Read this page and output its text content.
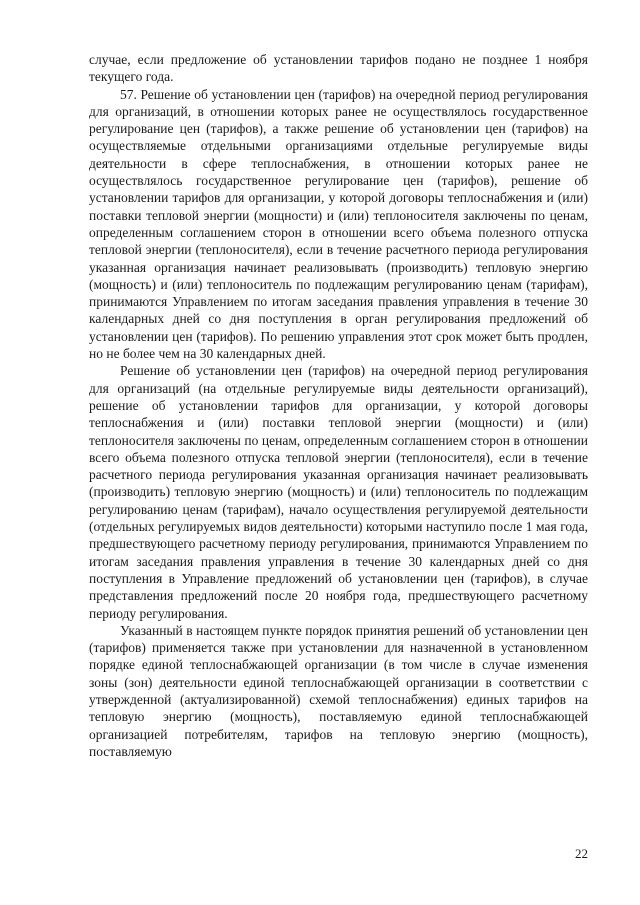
случае, если предложение об установлении тарифов подано не позднее 1 ноября текущего года.

57. Решение об установлении цен (тарифов) на очередной период регулирования для организаций, в отношении которых ранее не осуществлялось государственное регулирование цен (тарифов), а также решение об установлении цен (тарифов) на осуществляемые отдельными организациями отдельные регулируемые виды деятельности в сфере теплоснабжения, в отношении которых ранее не осуществлялось государственное регулирование цен (тарифов), решение об установлении тарифов для организации, у которой договоры теплоснабжения и (или) поставки тепловой энергии (мощности) и (или) теплоносителя заключены по ценам, определенным соглашением сторон в отношении всего объема полезного отпуска тепловой энергии (теплоносителя), если в течение расчетного периода регулирования указанная организация начинает реализовывать (производить) тепловую энергию (мощность) и (или) теплоноситель по подлежащим регулированию ценам (тарифам), принимаются Управлением по итогам заседания правления управления в течение 30 календарных дней со дня поступления в орган регулирования предложений об установлении цен (тарифов). По решению управления этот срок может быть продлен, но не более чем на 30 календарных дней.

Решение об установлении цен (тарифов) на очередной период регулирования для организаций (на отдельные регулируемые виды деятельности организаций), решение об установлении тарифов для организации, у которой договоры теплоснабжения и (или) поставки тепловой энергии (мощности) и (или) теплоносителя заключены по ценам, определенным соглашением сторон в отношении всего объема полезного отпуска тепловой энергии (теплоносителя), если в течение расчетного периода регулирования указанная организация начинает реализовывать (производить) тепловую энергию (мощность) и (или) теплоноситель по подлежащим регулированию ценам (тарифам), начало осуществления регулируемой деятельности (отдельных регулируемых видов деятельности) которыми наступило после 1 мая года, предшествующего расчетному периоду регулирования, принимаются Управлением по итогам заседания правления управления в течение 30 календарных дней со дня поступления в Управление предложений об установлении цен (тарифов), в случае представления предложений после 20 ноября года, предшествующего расчетному периоду регулирования.

Указанный в настоящем пункте порядок принятия решений об установлении цен (тарифов) применяется также при установлении для назначенной в установленном порядке единой теплоснабжающей организации (в том числе в случае изменения зоны (зон) деятельности единой теплоснабжающей организации в соответствии с утвержденной (актуализированной) схемой теплоснабжения) единых тарифов на тепловую энергию (мощность), поставляемую единой теплоснабжающей организацией потребителям, тарифов на тепловую энергию (мощность), поставляемую

22
